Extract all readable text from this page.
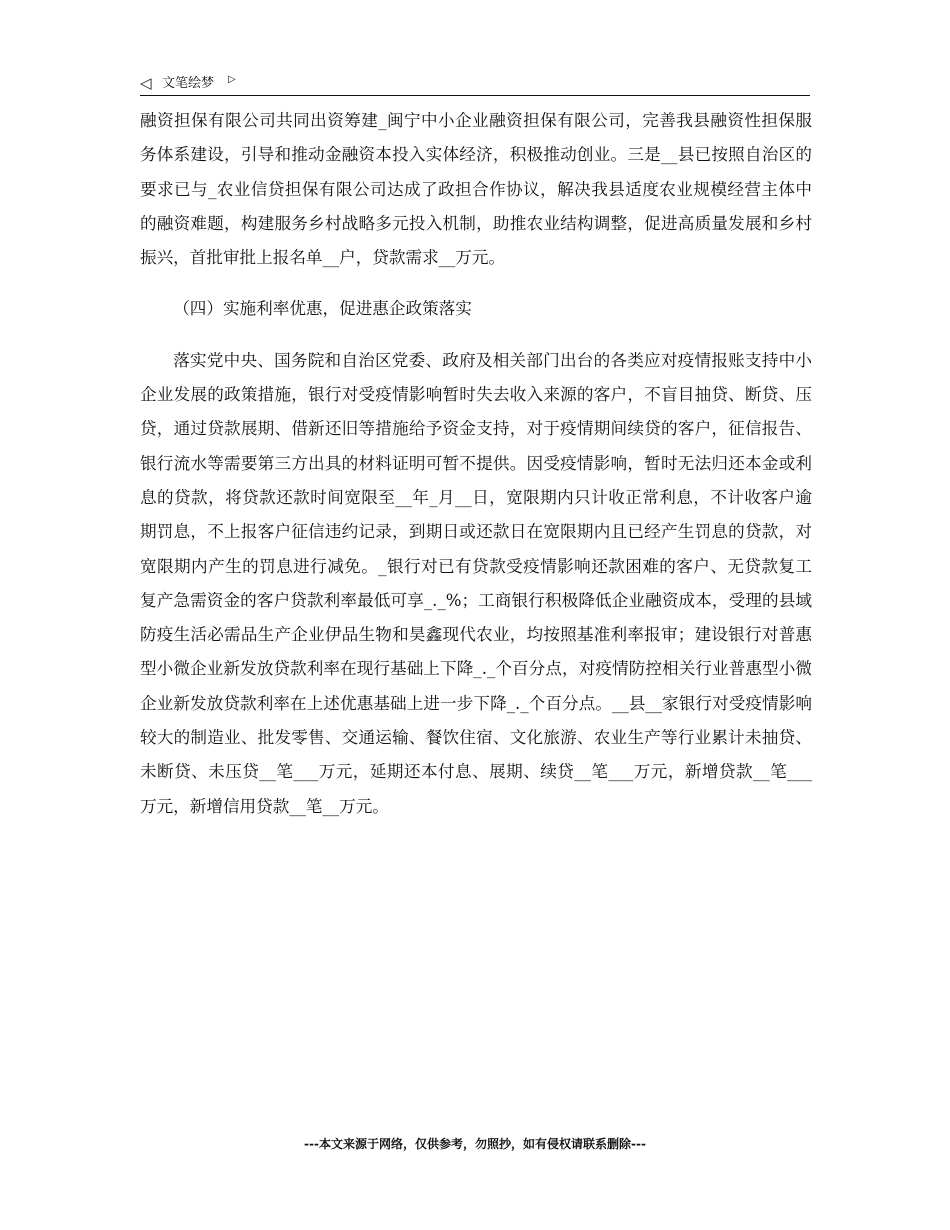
◁ 文笔绘梦 ▷

融资担保有限公司共同出资筹建_闽宁中小企业融资担保有限公司，完善我县融资性担保服务体系建设，引导和推动金融资本投入实体经济，积极推动创业。三是__县已按照自治区的要求已与_农业信贷担保有限公司达成了政担合作协议，解决我县适度农业规模经营主体中的融资难题，构建服务乡村战略多元投入机制，助推农业结构调整，促进高质量发展和乡村振兴，首批审批上报名单__户，贷款需求__万元。

（四）实施利率优惠，促进惠企政策落实

落实党中央、国务院和自治区党委、政府及相关部门出台的各类应对疫情报账支持中小企业发展的政策措施，银行对受疫情影响暂时失去收入来源的客户，不盲目抽贷、断贷、压贷，通过贷款展期、借新还旧等措施给予资金支持，对于疫情期间续贷的客户，征信报告、银行流水等需要第三方出具的材料证明可暂不提供。因受疫情影响，暂时无法归还本金或利息的贷款，将贷款还款时间宽限至__年_月__日，宽限期内只计收正常利息，不计收客户逾期罚息，不上报客户征信违约记录，到期日或还款日在宽限期内且已经产生罚息的贷款，对宽限期内产生的罚息进行减免。_银行对已有贷款受疫情影响还款困难的客户、无贷款复工复产急需资金的客户贷款利率最低可享_._%；工商银行积极降低企业融资成本，受理的县域防疫生活必需品生产企业伊品生物和昊鑫现代农业，均按照基准利率报审；建设银行对普惠型小微企业新发放贷款利率在现行基础上下降_._个百分点，对疫情防控相关行业普惠型小微企业新发放贷款利率在上述优惠基础上进一步下降_._个百分点。__县__家银行对受疫情影响较大的制造业、批发零售、交通运输、餐饮住宿、文化旅游、农业生产等行业累计未抽贷、未断贷、未压贷__笔___万元，延期还本付息、展期、续贷__笔___万元，新增贷款__笔___万元，新增信用贷款__笔__万元。

---本文来源于网络，仅供参考，勿照抄，如有侵权请联系删除---
